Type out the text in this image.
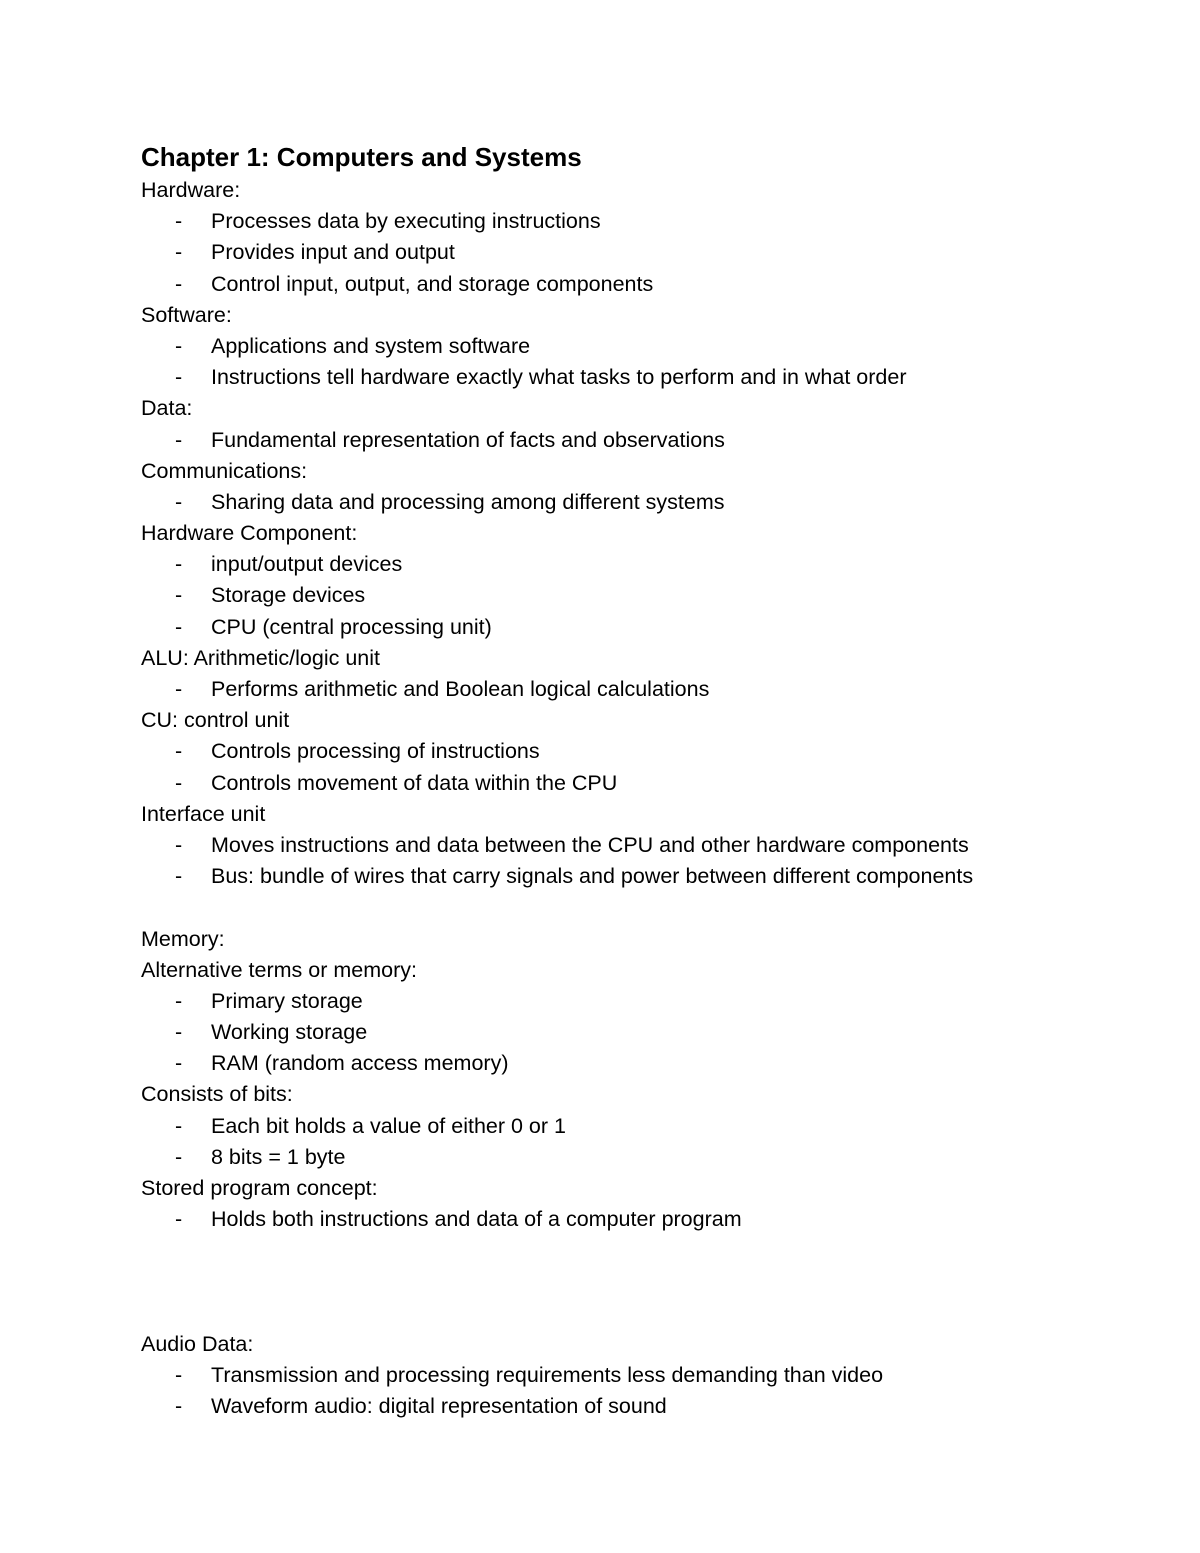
Chapter 1: Computers and Systems
Hardware:
- Processes data by executing instructions
- Provides input and output
- Control input, output, and storage components
Software:
- Applications and system software
- Instructions tell hardware exactly what tasks to perform and in what order
Data:
- Fundamental representation of facts and observations
Communications:
- Sharing data and processing among different systems
Hardware Component:
- input/output devices
- Storage devices
- CPU (central processing unit)
ALU: Arithmetic/logic unit
- Performs arithmetic and Boolean logical calculations
CU: control unit
- Controls processing of instructions
- Controls movement of data within the CPU
Interface unit
- Moves instructions and data between the CPU and other hardware components
- Bus: bundle of wires that carry signals and power between different components
Memory:
Alternative terms or memory:
- Primary storage
- Working storage
- RAM (random access memory)
Consists of bits:
- Each bit holds a value of either 0 or 1
- 8 bits = 1 byte
Stored program concept:
- Holds both instructions and data of a computer program
Audio Data:
- Transmission and processing requirements less demanding than video
- Waveform audio: digital representation of sound
